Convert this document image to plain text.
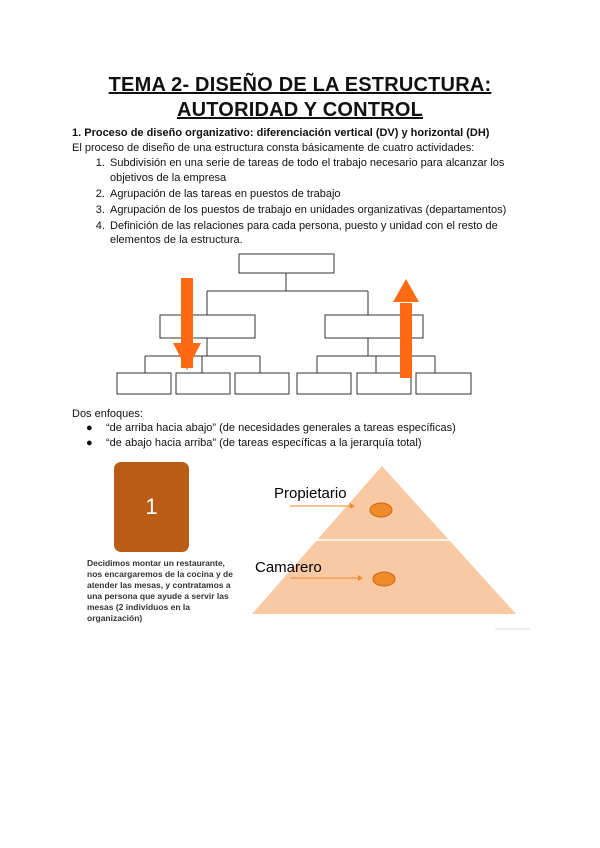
TEMA 2- DISEÑO DE LA ESTRUCTURA:
AUTORIDAD Y CONTROL
1. Proceso de diseño organizativo: diferenciación vertical (DV) y horizontal (DH)
El proceso de diseño de una estructura consta básicamente de cuatro actividades:
1. Subdivisión en una serie de tareas de todo el trabajo necesario para alcanzar los objetivos de la empresa
2. Agrupación de las tareas en puestos de trabajo
3. Agrupación de los puestos de trabajo en unidades organizativas (departamentos)
4. Definición de las relaciones para cada persona, puesto y unidad con el resto de elementos de la estructura.
Dos enfoques:
● “de arriba hacia abajo” (de necesidades generales a tareas específicas)
● “de abajo hacia arriba” (de tareas específicas a la jerarquía total)
1
Decidimos montar un restaurante, nos encargaremos de la cocina y de atender las mesas, y contratamos a una persona que ayude a servir las mesas (2 individuos en la organización)
Propietario
Camarero
